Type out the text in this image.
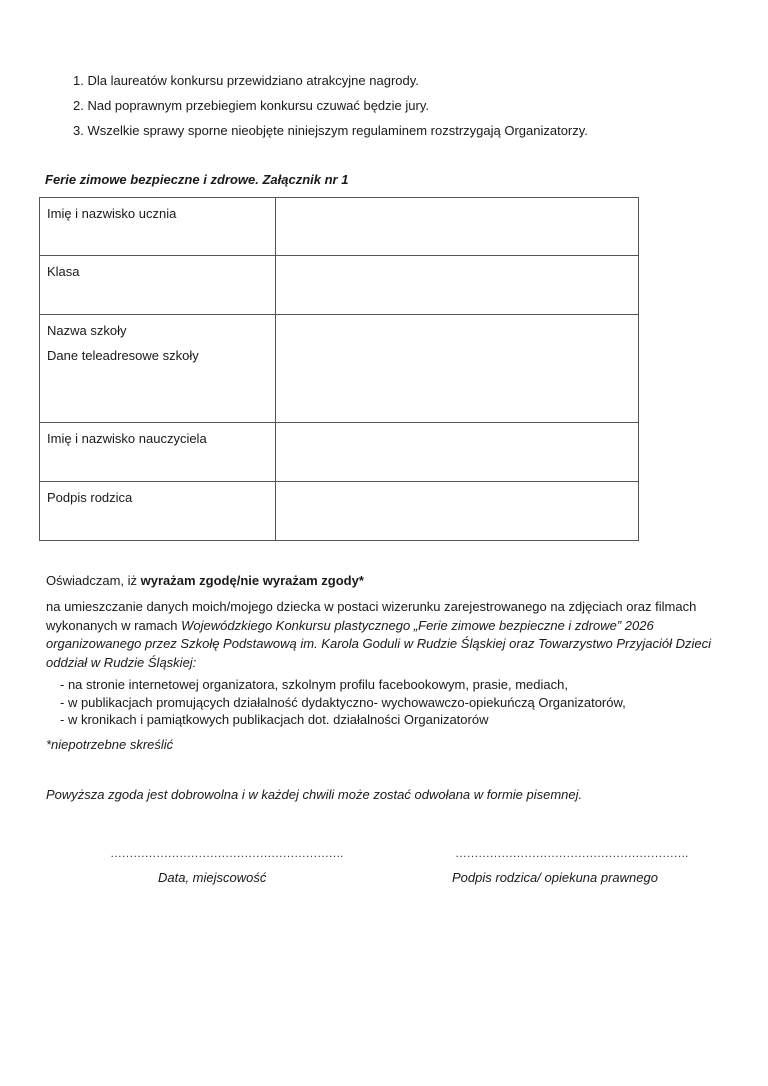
1. Dla laureatów konkursu przewidziano atrakcyjne nagrody.
2. Nad poprawnym przebiegiem konkursu czuwać będzie jury.
3. Wszelkie sprawy sporne nieobjęte niniejszym regulaminem rozstrzygają Organizatorzy.
Ferie zimowe bezpieczne i zdrowe. Załącznik nr 1
Imię i nazwisko ucznia	
Klasa	
Nazwa szkoły
Dane teleadresowe szkoły	

Imię i nazwisko nauczyciela	
Podpis rodzica	
Oświadczam, iż wyrażam zgodę/nie wyrażam zgody*
na umieszczanie danych moich/mojego dziecka w postaci wizerunku zarejestrowanego na zdjęciach oraz filmach
wykonanych w ramach Wojewódzkiego Konkursu plastycznego „Ferie zimowe bezpieczne i zdrowe” 2026
organizowanego przez Szkołę Podstawową im. Karola Goduli w Rudzie Śląskiej oraz Towarzystwo Przyjaciół Dzieci
oddział w Rudzie Śląskiej:
- na stronie internetowej organizatora, szkolnym profilu facebookowym, prasie, mediach,
- w publikacjach promujących działalność dydaktyczno- wychowawczo-opiekuńczą Organizatorów,
- w kronikach i pamiątkowych publikacjach dot. działalności Organizatorów
*niepotrzebne skreślić
Powyższa zgoda jest dobrowolna i w każdej chwili może zostać odwołana w formie pisemnej.
…………………………………………………….
Data, miejscowość
…………………………………………………….
Podpis rodzica/ opiekuna prawnego
